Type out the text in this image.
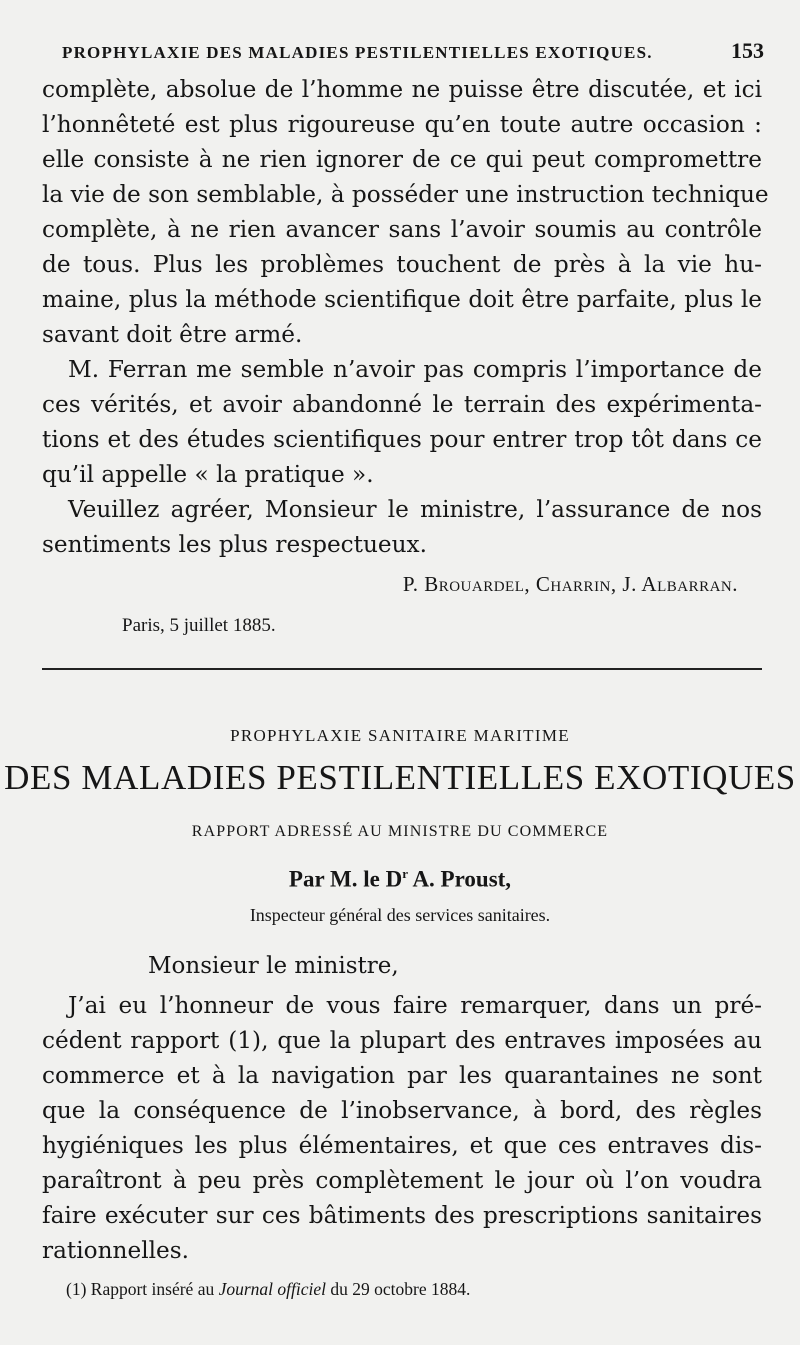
PROPHYLAXIE DES MALADIES PESTILENTIELLES EXOTIQUES.	153
complète, absolue de l’homme ne puisse être discutée, et ici
l’honnêteté est plus rigoureuse qu’en toute autre occasion :
elle consiste à ne rien ignorer de ce qui peut compromettre
la vie de son semblable, à posséder une instruction technique
complète, à ne rien avancer sans l’avoir soumis au contrôle
de tous. Plus les problèmes touchent de près à la vie hu-
maine, plus la méthode scientifique doit être parfaite, plus le
savant doit être armé.
M. Ferran me semble n’avoir pas compris l’importance de
ces vérités, et avoir abandonné le terrain des expérimenta-
tions et des études scientifiques pour entrer trop tôt dans ce
qu’il appelle « la pratique ».
Veuillez agréer, Monsieur le ministre, l’assurance de nos
sentiments les plus respectueux.
P. Brouardel, Charrin, J. Albarran.
Paris, 5 juillet 1885.
PROPHYLAXIE SANITAIRE MARITIME
DES MALADIES PESTILENTIELLES EXOTIQUES
RAPPORT ADRESSÉ AU MINISTRE DU COMMERCE
Par M. le $D^r$ A. Proust,
Inspecteur général des services sanitaires.
Monsieur le ministre,
J’ai eu l’honneur de vous faire remarquer, dans un pré-
cédent rapport (1), que la plupart des entraves imposées au
commerce et à la navigation par les quarantaines ne sont
que la conséquence de l’inobservance, à bord, des règles
hygiéniques les plus élémentaires, et que ces entraves dis-
paraîtront à peu près complètement le jour où l’on voudra
faire exécuter sur ces bâtiments des prescriptions sanitaires
rationnelles.
(1) Rapport inséré au Journal officiel du 29 octobre 1884.
